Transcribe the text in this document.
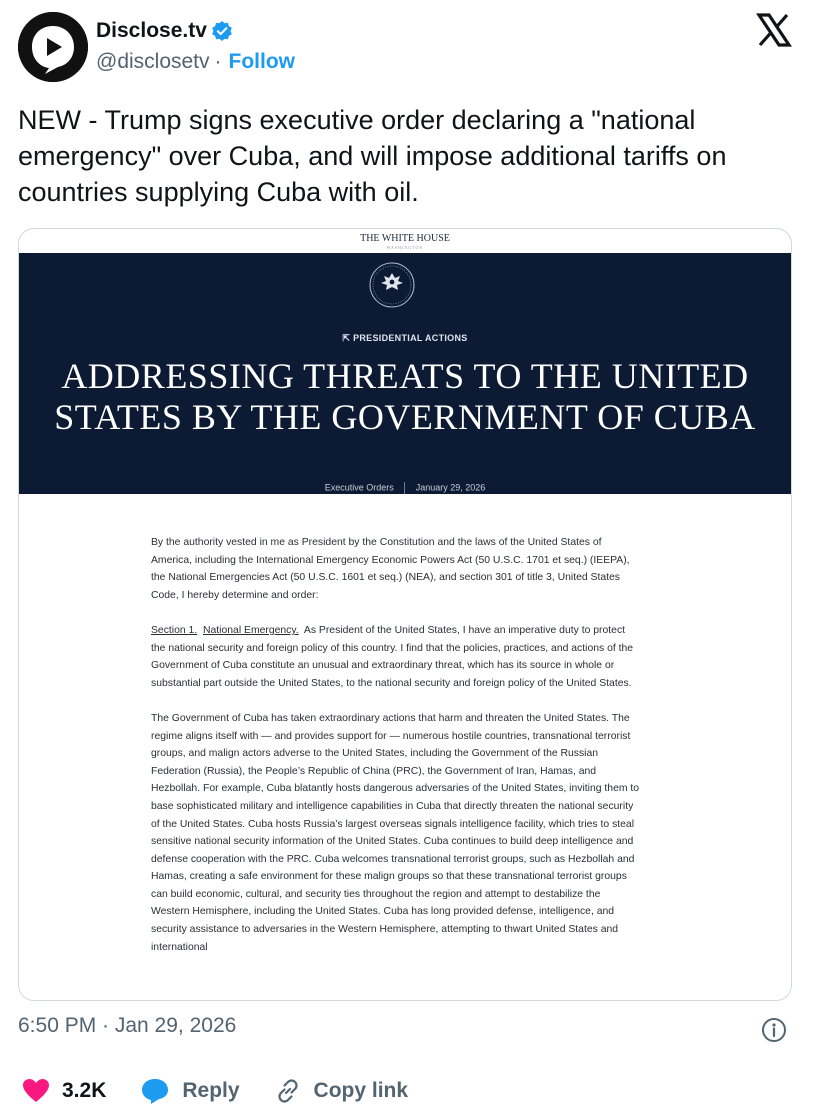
Disclose.tv
@disclosetv · Follow
NEW - Trump signs executive order declaring a "national emergency" over Cuba, and will impose additional tariffs on countries supplying Cuba with oil.
THE WHITE HOUSE
WASHINGTON
⇱ PRESIDENTIAL ACTIONS
ADDRESSING THREATS TO THE UNITED
STATES BY THE GOVERNMENT OF CUBA
Executive Orders January 29, 2026

By the authority vested in me as President by the Constitution and the laws of the United States of America, including the International Emergency Economic Powers Act (50 U.S.C. 1701 et seq.) (IEEPA), the National Emergencies Act (50 U.S.C. 1601 et seq.) (NEA), and section 301 of title 3, United States Code, I hereby determine and order:

Section 1. National Emergency. As President of the United States, I have an imperative duty to protect the national security and foreign policy of this country. I find that the policies, practices, and actions of the Government of Cuba constitute an unusual and extraordinary threat, which has its source in whole or substantial part outside the United States, to the national security and foreign policy of the United States.

The Government of Cuba has taken extraordinary actions that harm and threaten the United States. The regime aligns itself with — and provides support for — numerous hostile countries, transnational terrorist groups, and malign actors adverse to the United States, including the Government of the Russian Federation (Russia), the People’s Republic of China (PRC), the Government of Iran, Hamas, and Hezbollah. For example, Cuba blatantly hosts dangerous adversaries of the United States, inviting them to base sophisticated military and intelligence capabilities in Cuba that directly threaten the national security of the United States. Cuba hosts Russia’s largest overseas signals intelligence facility, which tries to steal sensitive national security information of the United States. Cuba continues to build deep intelligence and defense cooperation with the PRC. Cuba welcomes transnational terrorist groups, such as Hezbollah and Hamas, creating a safe environment for these malign groups so that these transnational terrorist groups can build economic, cultural, and security ties throughout the region and attempt to destabilize the Western Hemisphere, including the United States. Cuba has long provided defense, intelligence, and security assistance to adversaries in the Western Hemisphere, attempting to thwart United States and international

6:50 PM · Jan 29, 2026
3.2K	Reply	Copy link
